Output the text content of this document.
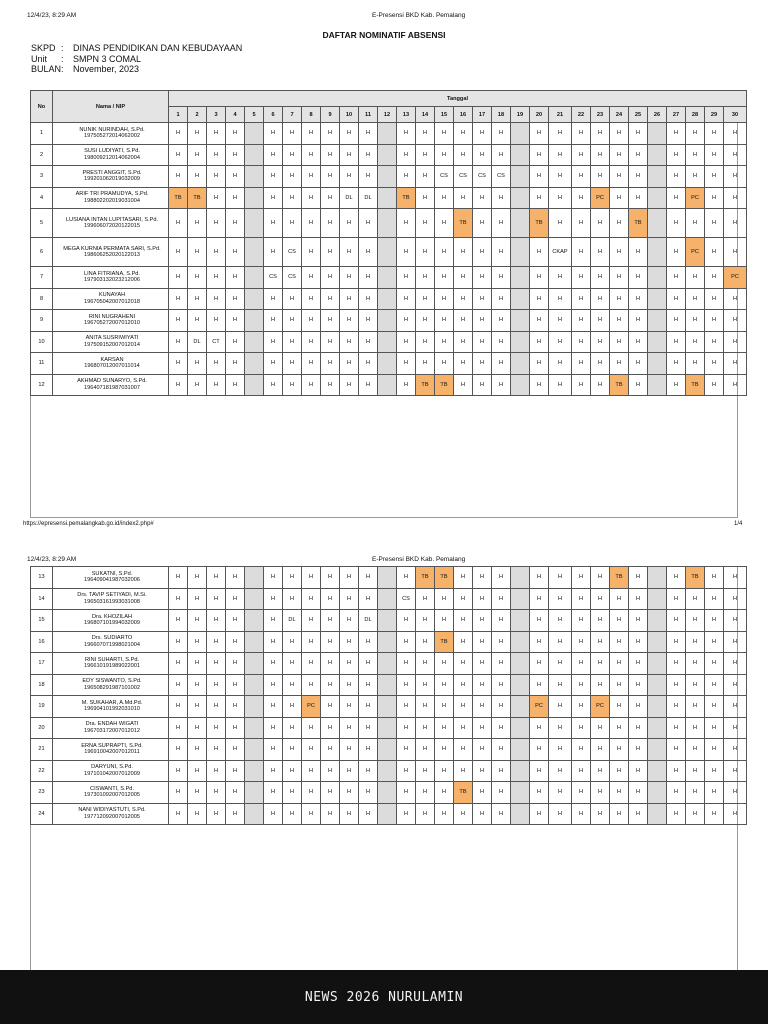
12/4/23, 8:29 AM	E-Presensi BKD Kab. Pemalang
DAFTAR NOMINATIF ABSENSI
SKPD :	DINAS PENDIDIKAN DAN KEBUDAYAAN
Unit	:	SMPN 3 COMAL
BULAN :	November, 2023
No	Nama / NIP	Tanggal																													
		1	2	3	4	5	6	7	8	9	10	11	12	13	14	15	16	17	18	19	20	21	22	23	24	25	26	27	28	29	30
1	NUNIK NURINDAH, S.Pd.
197505272014062002	H	H	H	H		H	H	H	H	H	H		H	H	H	H	H	H		H	H	H	H	H	H		H	H	H	H
2	SUSI LUDIYATI, S.Pd.
198009212014062004	H	H	H	H		H	H	H	H	H	H		H	H	H	H	H	H		H	H	H	H	H	H		H	H	H	H
3	PRESTI ANGGIT, S.Pd.
199201062019032009	H	H	H	H		H	H	H	H	H	H		H	H	CS	CS	CS	CS		H	H	H	H	H	H		H	H	H	H
4	ARIF TRI PRAMUDYA, S.Pd.
198802202019031004	TB	TB	H	H		H	H	H	H	DL	DL		TB	H	H	H	H	H		H	H	H	PC	H	H		H	PC	H	H
5	LUSIANA INTAN LUPITASARI, S.Pd.
199606072020122015	H	H	H	H		H	H	H	H	H	H		H	H	H	TB	H	H		TB	H	H	H	H	TB		H	H	H	H
6	MEGA KURNIA PERMATA SARI, S.Pd.
198606252020122013	H	H	H	H		H	CS	H	H	H	H		H	H	H	H	H	H		H	CKAP	H	H	H	H		H	PC	H	H
7	LINA FITRIANA, S.Pd.
197903132023212006	H	H	H	H		CS	CS	H	H	H	H		H	H	H	H	H	H		H	H	H	H	H	H		H	H	H	PC
8	KUNAYAH
196705042007012018	H	H	H	H		H	H	H	H	H	H		H	H	H	H	H	H		H	H	H	H	H	H		H	H	H	H
9	RINI NUGRAHENI
196705272007012010	H	H	H	H		H	H	H	H	H	H		H	H	H	H	H	H		H	H	H	H	H	H		H	H	H	H
10	ANITA SUSRIWIYATI
197509152007012014	H	DL	CT	H		H	H	H	H	H	H		H	H	H	H	H	H		H	H	H	H	H	H		H	H	H	H
11	KARSAN
196807012007011014	H	H	H	H		H	H	H	H	H	H		H	H	H	H	H	H		H	H	H	H	H	H		H	H	H	H
12	AKHMAD SUNARYO, S.Pd.
196407181987031007	H	H	H	H		H	H	H	H	H	H		H	TB	TB	H	H	H		H	H	H	H	TB	H		H	TB	H	H
https://epresensi.pemalangkab.go.id/index2.php#	1/4
12/4/23, 8:29 AM	E-Presensi BKD Kab. Pemalang
13	SUKATNI, S.Pd.
196409041987032006	H	H	H	H		H	H	H	H	H	H		H	TB	TB	H	H	H		H	H	H	H	TB	H		H	TB	H	H
14	Drs. TAVIP SETIYADI, M.Si.
196503161993031008	H	H	H	H		H	H	H	H	H	H		CS	H	H	H	H	H		H	H	H	H	H	H		H	H	H	H
15	Dra. KHOZILAH
196807101994032009	H	H	H	H		H	DL	H	H	H	DL		H	H	H	H	H	H		H	H	H	H	H	H		H	H	H	H
16	Drs. SUDIARTO
196607071998021004	H	H	H	H		H	H	H	H	H	H		H	H	TB	H	H	H		H	H	H	H	H	H		H	H	H	H
17	RINI SUHARTI, S.Pd.
196610191989022001	H	H	H	H		H	H	H	H	H	H		H	H	H	H	H	H		H	H	H	H	H	H		H	H	H	H
18	EDY SISWANTO, S.Pd.
196508291987101002	H	H	H	H		H	H	H	H	H	H		H	H	H	H	H	H		H	H	H	H	H	H		H	H	H	H
19	M. SUKAHAR, A.Md.Pd.
196904101992031010	H	H	H	H		H	H	PC	H	H	H		H	H	H	H	H	H		PC	H	H	PC	H	H		H	H	H	H
20	Dra. ENDAH WIGATI
196703172007012012	H	H	H	H		H	H	H	H	H	H		H	H	H	H	H	H		H	H	H	H	H	H		H	H	H	H
21	ERNA SUPRAPTI, S.Pd.
196910042007012011	H	H	H	H		H	H	H	H	H	H		H	H	H	H	H	H		H	H	H	H	H	H		H	H	H	H
22	DARYUNI, S.Pd.
197101042007012009	H	H	H	H		H	H	H	H	H	H		H	H	H	H	H	H		H	H	H	H	H	H		H	H	H	H
23	CISWANTI, S.Pd.
197301092007012005	H	H	H	H		H	H	H	H	H	H		H	H	H	TB	H	H		H	H	H	H	H	H		H	H	H	H
24	NANI WIDIYASTUTI, S.Pd.
197712092007012005	H	H	H	H		H	H	H	H	H	H		H	H	H	H	H	H		H	H	H	H	H	H		H	H	H	H
NEWS 2026 NURULAMIN
